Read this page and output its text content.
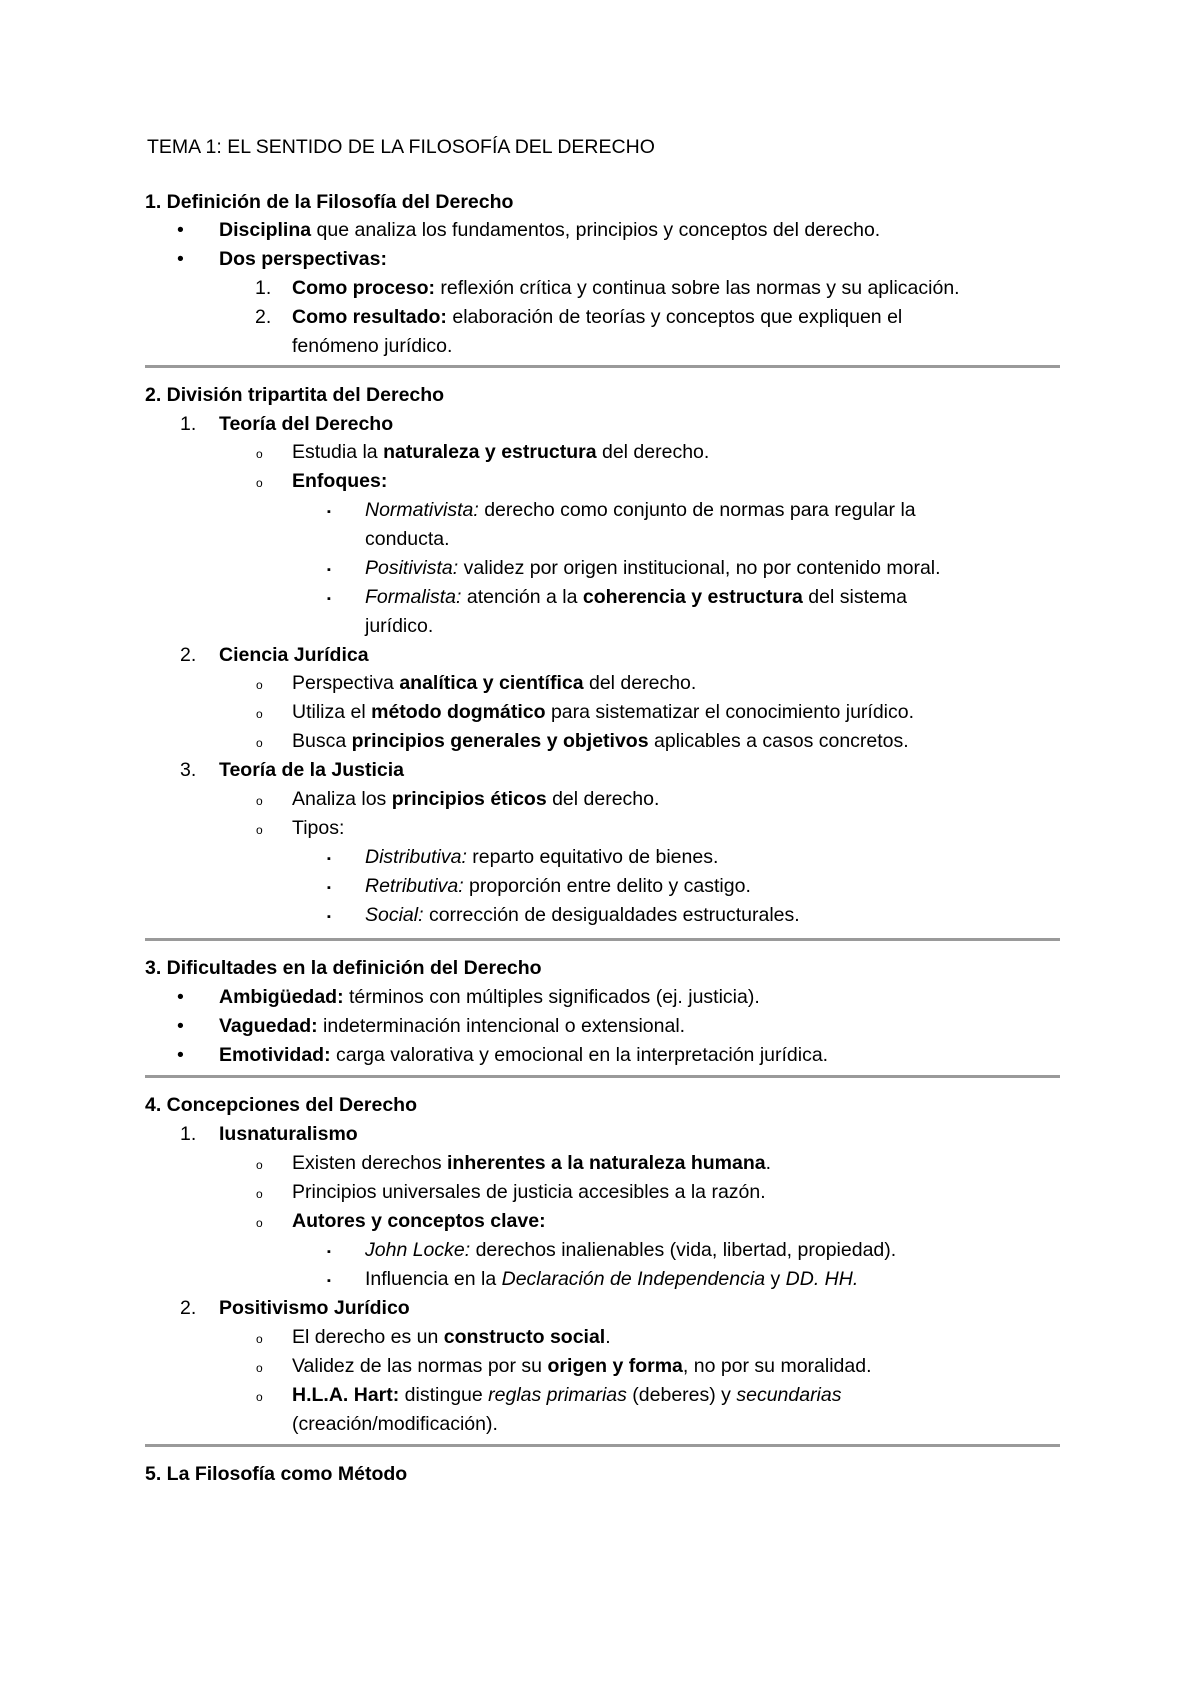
TEMA 1: EL SENTIDO DE LA FILOSOFÍA DEL DERECHO
1. Definición de la Filosofía del Derecho
• Disciplina que analiza los fundamentos, principios y conceptos del derecho.
• Dos perspectivas:
1. Como proceso: reflexión crítica y continua sobre las normas y su aplicación.
2. Como resultado: elaboración de teorías y conceptos que expliquen el
fenómeno jurídico.
2. División tripartita del Derecho
1. Teoría del Derecho
o Estudia la naturaleza y estructura del derecho.
o Enfoques:
▪ Normativista: derecho como conjunto de normas para regular la
conducta.
▪ Positivista: validez por origen institucional, no por contenido moral.
▪ Formalista: atención a la coherencia y estructura del sistema
jurídico.
2. Ciencia Jurídica
o Perspectiva analítica y científica del derecho.
o Utiliza el método dogmático para sistematizar el conocimiento jurídico.
o Busca principios generales y objetivos aplicables a casos concretos.
3. Teoría de la Justicia
o Analiza los principios éticos del derecho.
o Tipos:
▪ Distributiva: reparto equitativo de bienes.
▪ Retributiva: proporción entre delito y castigo.
▪ Social: corrección de desigualdades estructurales.
3. Dificultades en la definición del Derecho
• Ambigüedad: términos con múltiples significados (ej. justicia).
• Vaguedad: indeterminación intencional o extensional.
• Emotividad: carga valorativa y emocional en la interpretación jurídica.
4. Concepciones del Derecho
1. Iusnaturalismo
o Existen derechos inherentes a la naturaleza humana.
o Principios universales de justicia accesibles a la razón.
o Autores y conceptos clave:
▪ John Locke: derechos inalienables (vida, libertad, propiedad).
▪ Influencia en la Declaración de Independencia y DD. HH.
2. Positivismo Jurídico
o El derecho es un constructo social.
o Validez de las normas por su origen y forma, no por su moralidad.
o H.L.A. Hart: distingue reglas primarias (deberes) y secundarias
(creación/modificación).
5. La Filosofía como Método
